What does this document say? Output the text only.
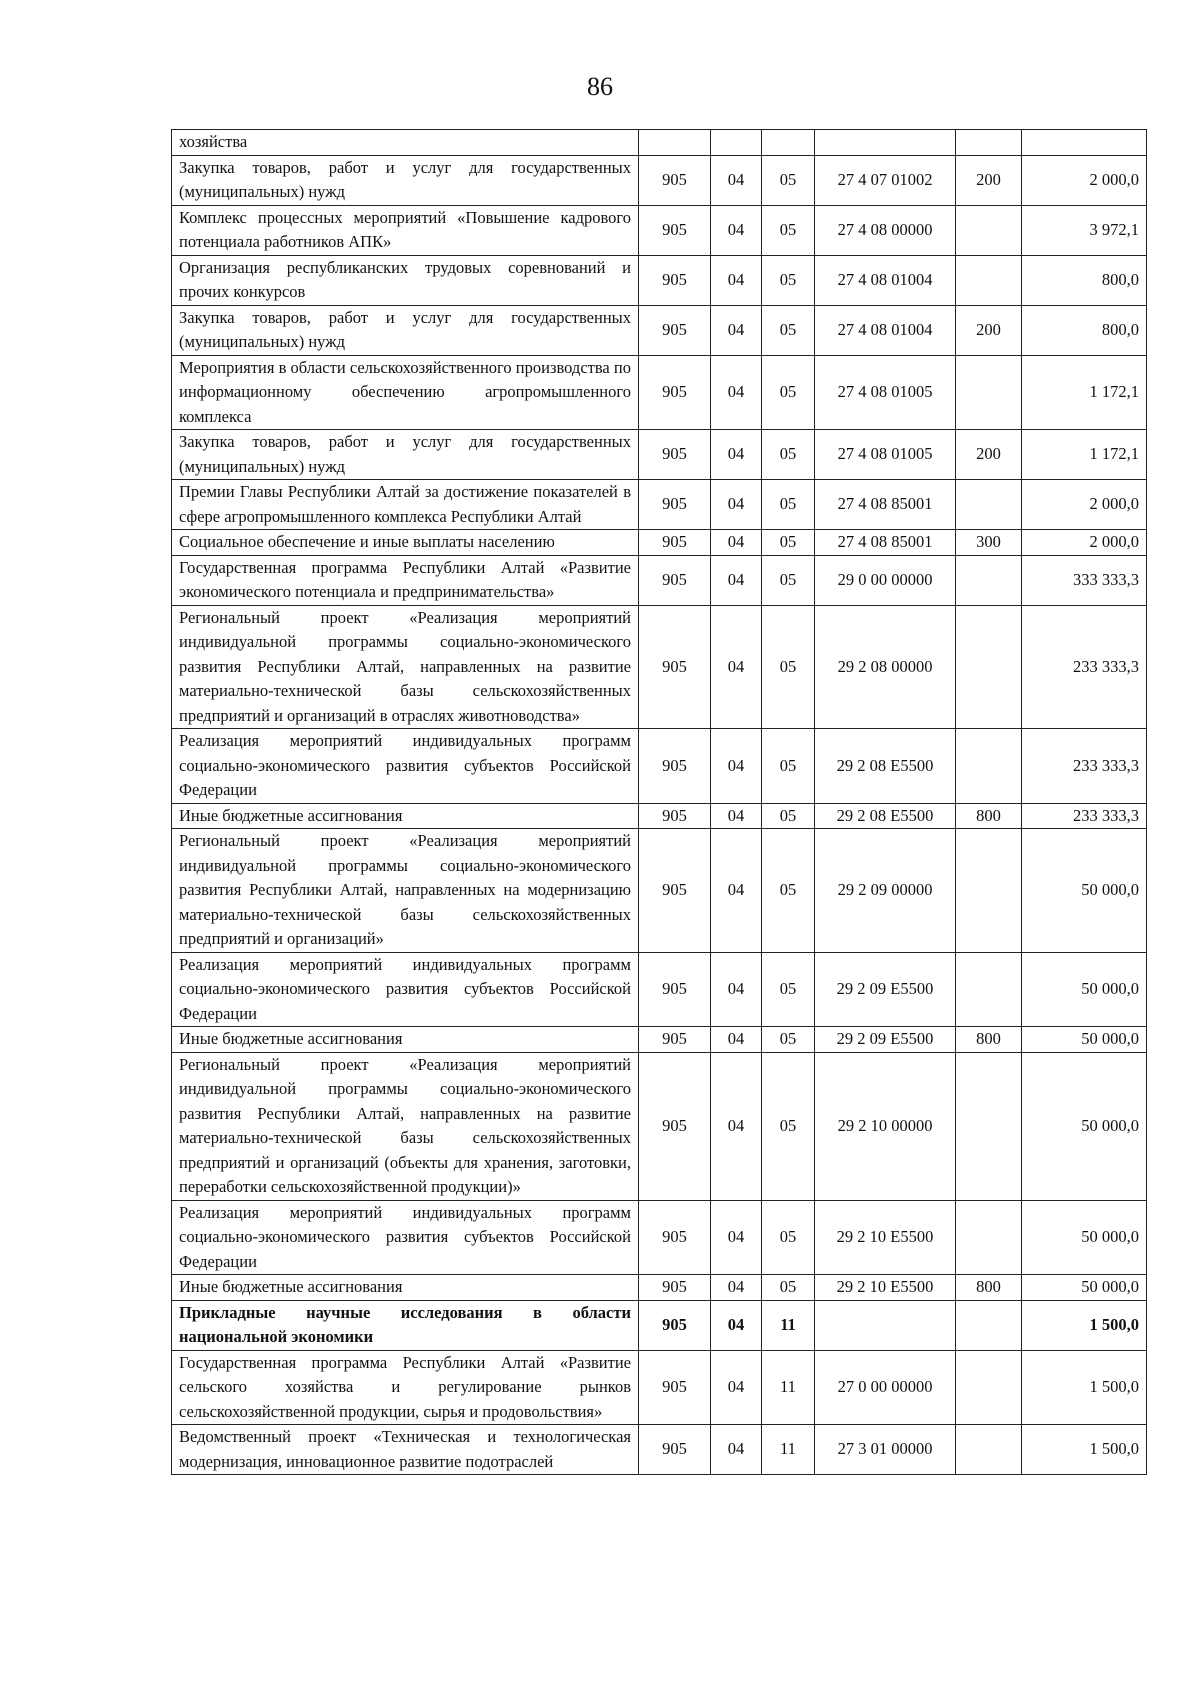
86
хозяйства						
Закупка товаров, работ и услуг для государственных (муниципальных) нужд	905	04	05	27 4 07 01002	200	2 000,0
Комплекс процессных мероприятий «Повышение кадрового потенциала работников АПК»	905	04	05	27 4 08 00000		3 972,1
Организация республиканских трудовых соревнований и прочих конкурсов	905	04	05	27 4 08 01004		800,0
Закупка товаров, работ и услуг для государственных (муниципальных) нужд	905	04	05	27 4 08 01004	200	800,0
Мероприятия в области сельскохозяйственного производства по информационному обеспечению агропромышленного комплекса	905	04	05	27 4 08 01005		1 172,1
Закупка товаров, работ и услуг для государственных (муниципальных) нужд	905	04	05	27 4 08 01005	200	1 172,1
Премии Главы Республики Алтай за достижение показателей в сфере агропромышленного комплекса Республики Алтай	905	04	05	27 4 08 85001		2 000,0
Социальное обеспечение и иные выплаты населению	905	04	05	27 4 08 85001	300	2 000,0
Государственная программа Республики Алтай «Развитие экономического потенциала и предпринимательства»	905	04	05	29 0 00 00000		333 333,3
Региональный проект «Реализация мероприятий индивидуальной программы социально-экономического развития Республики Алтай, направленных на развитие материально-технической базы сельскохозяйственных предприятий и организаций в отраслях животноводства»	905	04	05	29 2 08 00000		233 333,3
Реализация мероприятий индивидуальных программ социально-экономического развития субъектов Российской Федерации	905	04	05	29 2 08 E5500		233 333,3
Иные бюджетные ассигнования	905	04	05	29 2 08 E5500	800	233 333,3
Региональный проект «Реализация мероприятий индивидуальной программы социально-экономического развития Республики Алтай, направленных на модернизацию материально-технической базы сельскохозяйственных предприятий и организаций»	905	04	05	29 2 09 00000		50 000,0
Реализация мероприятий индивидуальных программ социально-экономического развития субъектов Российской Федерации	905	04	05	29 2 09 E5500		50 000,0
Иные бюджетные ассигнования	905	04	05	29 2 09 E5500	800	50 000,0
Региональный проект «Реализация мероприятий индивидуальной программы социально-экономического развития Республики Алтай, направленных на развитие материально-технической базы сельскохозяйственных предприятий и организаций (объекты для хранения, заготовки, переработки сельскохозяйственной продукции)»	905	04	05	29 2 10 00000		50 000,0
Реализация мероприятий индивидуальных программ социально-экономического развития субъектов Российской Федерации	905	04	05	29 2 10 E5500		50 000,0
Иные бюджетные ассигнования	905	04	05	29 2 10 E5500	800	50 000,0
Прикладные научные исследования в области национальной экономики	905	04	11			1 500,0
Государственная программа Республики Алтай «Развитие сельского хозяйства и регулирование рынков сельскохозяйственной продукции, сырья и продовольствия»	905	04	11	27 0 00 00000		1 500,0
Ведомственный проект «Техническая и технологическая модернизация, инновационное развитие подотраслей	905	04	11	27 3 01 00000		1 500,0
